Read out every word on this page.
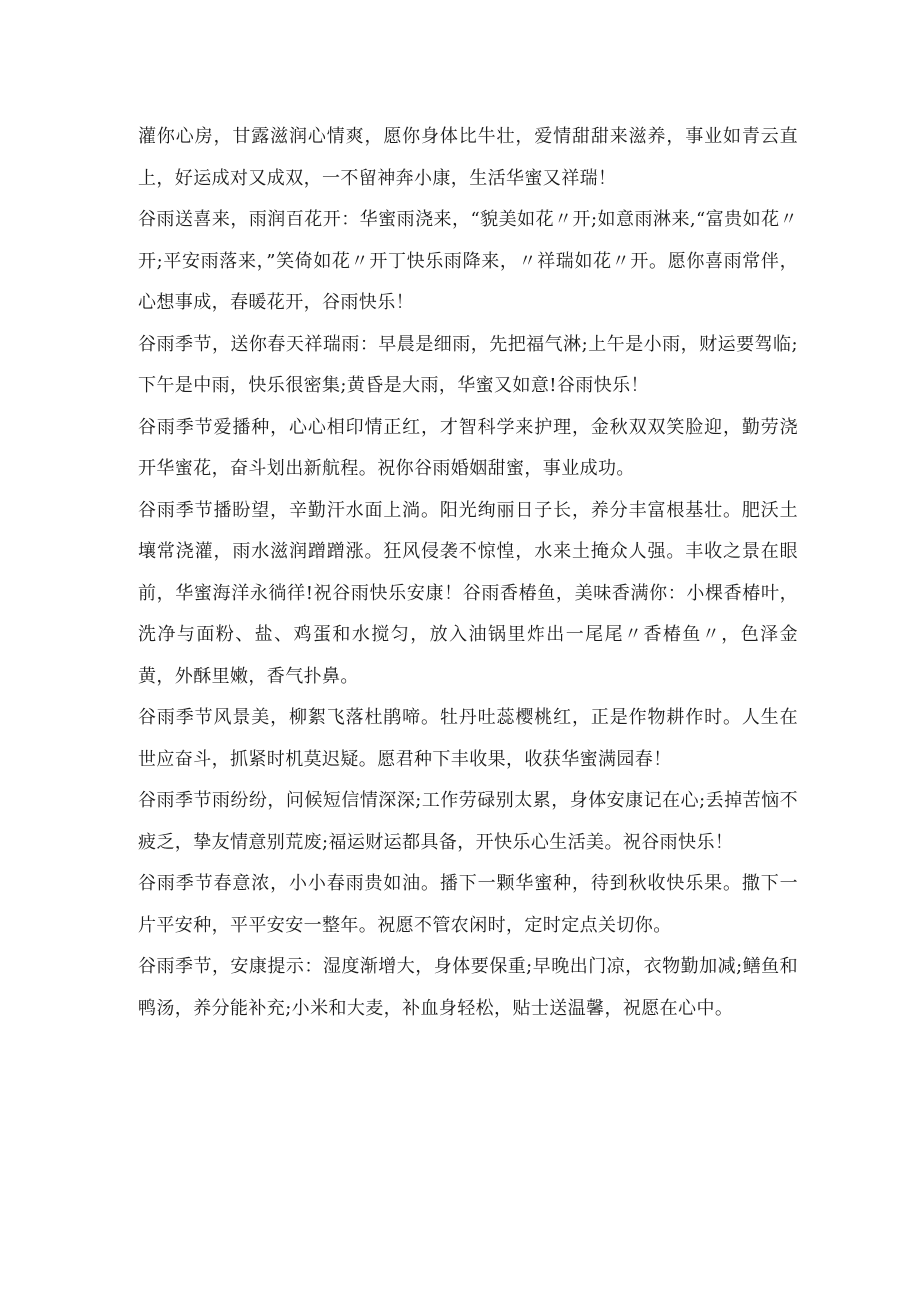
灌你心房，甘露滋润心情爽，愿你身体比牛壮，爱情甜甜来滋养，事业如青云直上，好运成对又成双，一不留神奔小康，生活华蜜又祥瑞！

谷雨送喜来，雨润百花开：华蜜雨浇来，“貌美如花〃开;如意雨淋来,“富贵如花〃开;平安雨落来，”笑倚如花〃开丁快乐雨降来，〃祥瑞如花〃开。愿你喜雨常伴，心想事成，春暖花开，谷雨快乐！

谷雨季节，送你春天祥瑞雨：早晨是细雨，先把福气淋;上午是小雨，财运要驾临;下午是中雨，快乐很密集;黄昏是大雨，华蜜又如意!谷雨快乐！

谷雨季节爱播种，心心相印情正红，才智科学来护理，金秋双双笑脸迎，勤劳浇开华蜜花，奋斗划出新航程。祝你谷雨婚姻甜蜜，事业成功。

谷雨季节播盼望，辛勤汗水面上淌。阳光绚丽日子长，养分丰富根基壮。肥沃土壤常浇灌，雨水滋润蹭蹭涨。狂风侵袭不惊惶，水来土掩众人强。丰收之景在眼前，华蜜海洋永徜徉!祝谷雨快乐安康！谷雨香椿鱼，美味香满你：小棵香椿叶，洗净与面粉、盐、鸡蛋和水搅匀，放入油锅里炸出一尾尾〃香椿鱼〃，色泽金黄，外酥里嫩，香气扑鼻。

谷雨季节风景美，柳絮飞落杜鹃啼。牡丹吐蕊樱桃红，正是作物耕作时。人生在世应奋斗，抓紧时机莫迟疑。愿君种下丰收果，收获华蜜满园春！

谷雨季节雨纷纷，问候短信情深深;工作劳碌别太累，身体安康记在心;丢掉苦恼不疲乏，挚友情意别荒废;福运财运都具备，开快乐心生活美。祝谷雨快乐！

谷雨季节春意浓，小小春雨贵如油。播下一颗华蜜种，待到秋收快乐果。撒下一片平安种，平平安安一整年。祝愿不管农闲时，定时定点关切你。

谷雨季节，安康提示：湿度渐增大，身体要保重;早晚出门凉，衣物勤加减;鳝鱼和鸭汤，养分能补充;小米和大麦，补血身轻松，贴士送温馨，祝愿在心中。
